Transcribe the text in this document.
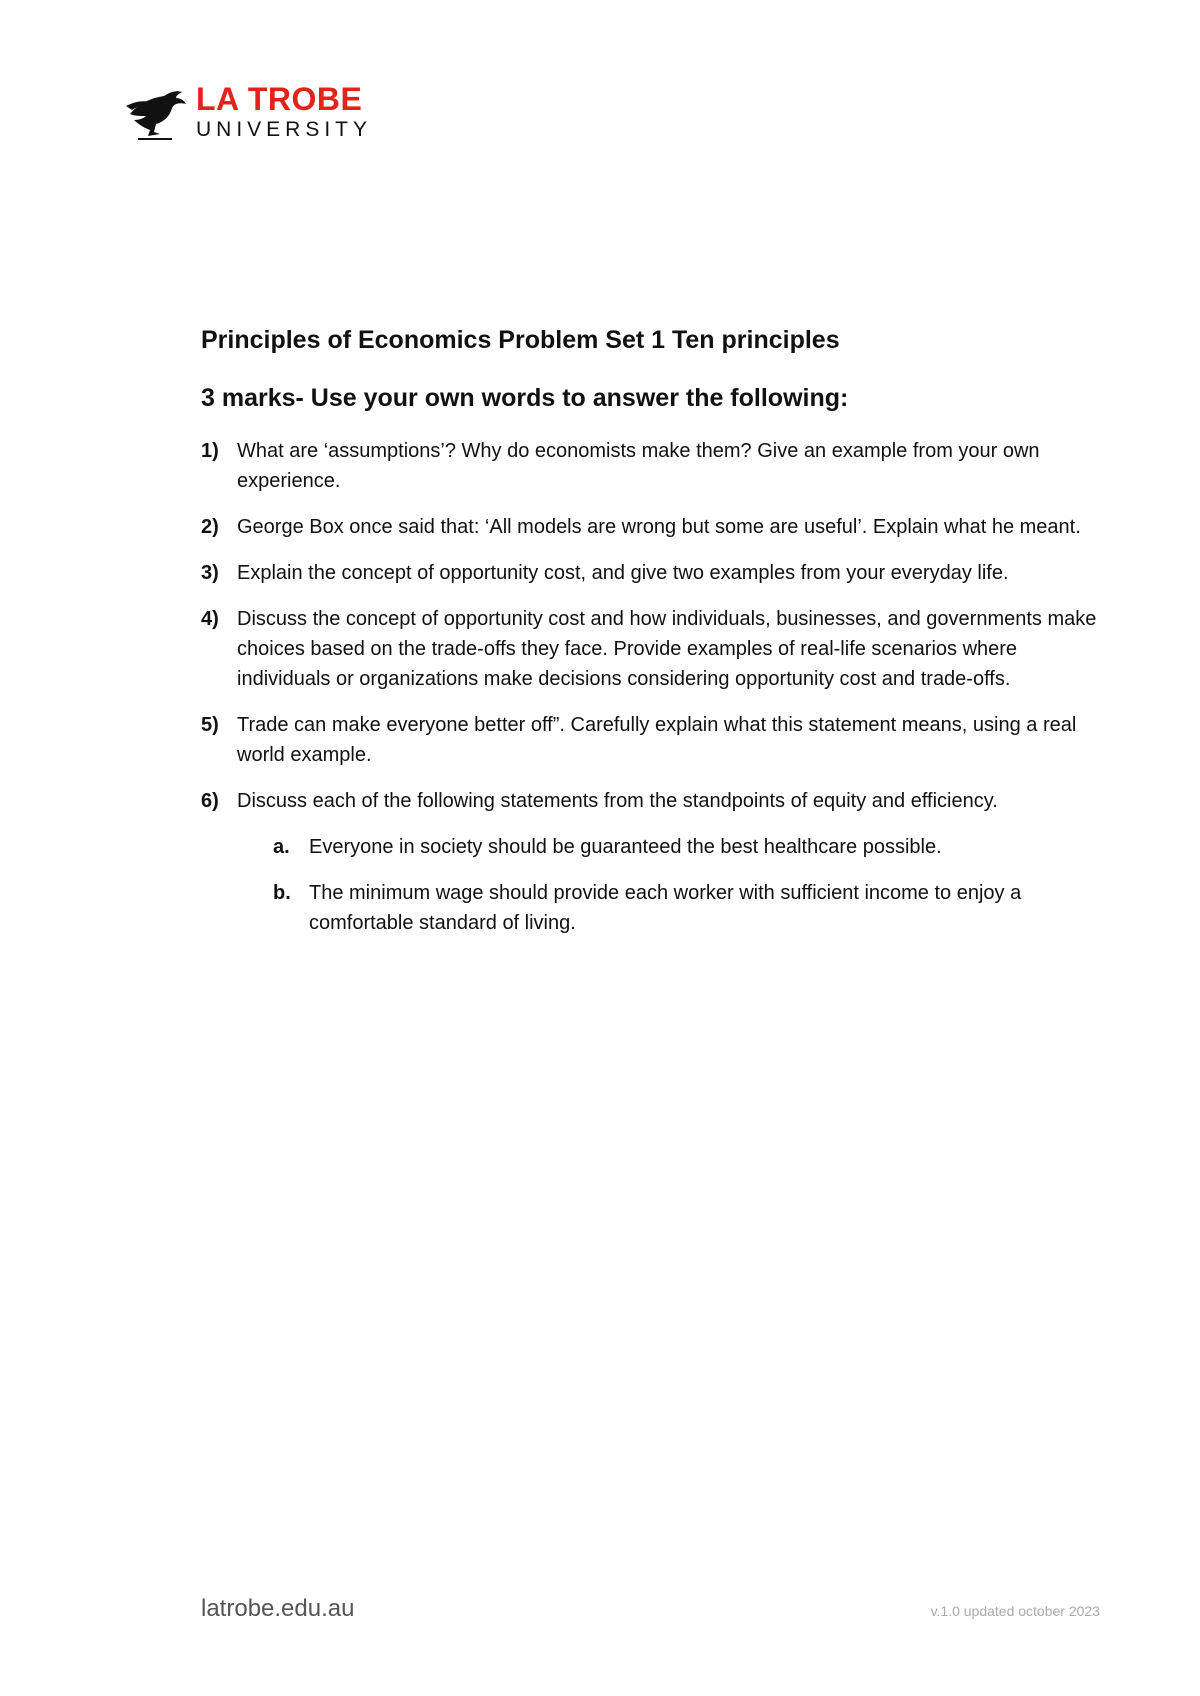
LA TROBE
UNIVERSITY
Principles of Economics Problem Set 1 Ten principles
3 marks- Use your own words to answer the following:
1) What are ‘assumptions’? Why do economists make them? Give an example from your own experience.
2) George Box once said that: ‘All models are wrong but some are useful’. Explain what he meant.
3) Explain the concept of opportunity cost, and give two examples from your everyday life.
4) Discuss the concept of opportunity cost and how individuals, businesses, and governments make choices based on the trade-offs they face. Provide examples of real-life scenarios where individuals or organizations make decisions considering opportunity cost and trade-offs.
5) Trade can make everyone better off”. Carefully explain what this statement means, using a real world example.
6) Discuss each of the following statements from the standpoints of equity and efficiency.
a. Everyone in society should be guaranteed the best healthcare possible.
b. The minimum wage should provide each worker with sufficient income to enjoy a comfortable standard of living.
latrobe.edu.au	v.1.0 updated october 2023
